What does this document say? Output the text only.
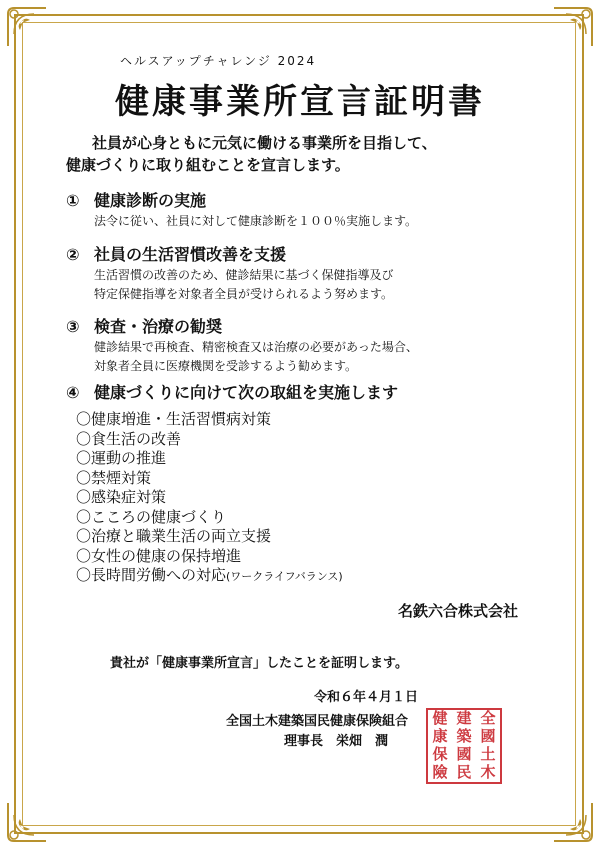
ヘルスアップチャレンジ 2024
健康事業所宣言証明書
社員が心身ともに元気に働ける事業所を目指して、
健康づくりに取り組むことを宣言します。
① 健康診断の実施
法令に従い、社員に対して健康診断を１００％実施します。
② 社員の生活習慣改善を支援
生活習慣の改善のため、健診結果に基づく保健指導及び
特定保健指導を対象者全員が受けられるよう努めます。
③ 検査・治療の勧奨
健診結果で再検査、精密検査又は治療の必要があった場合、
対象者全員に医療機関を受診するよう勧めます。
④ 健康づくりに向けて次の取組を実施します
〇健康増進・生活習慣病対策
〇食生活の改善
〇運動の推進
〇禁煙対策
〇感染症対策
〇こころの健康づくり
〇治療と職業生活の両立支援
〇女性の健康の保持増進
〇長時間労働への対応(ワークライフバランス)
名鉄六合株式会社
貴社が「健康事業所宣言」したことを証明します。
令和６年４月１日
全国土木建築国民健康保険組合
理事長　 栄畑　潤
全
國
土
木
建
築
國
民
健
康
保
險
